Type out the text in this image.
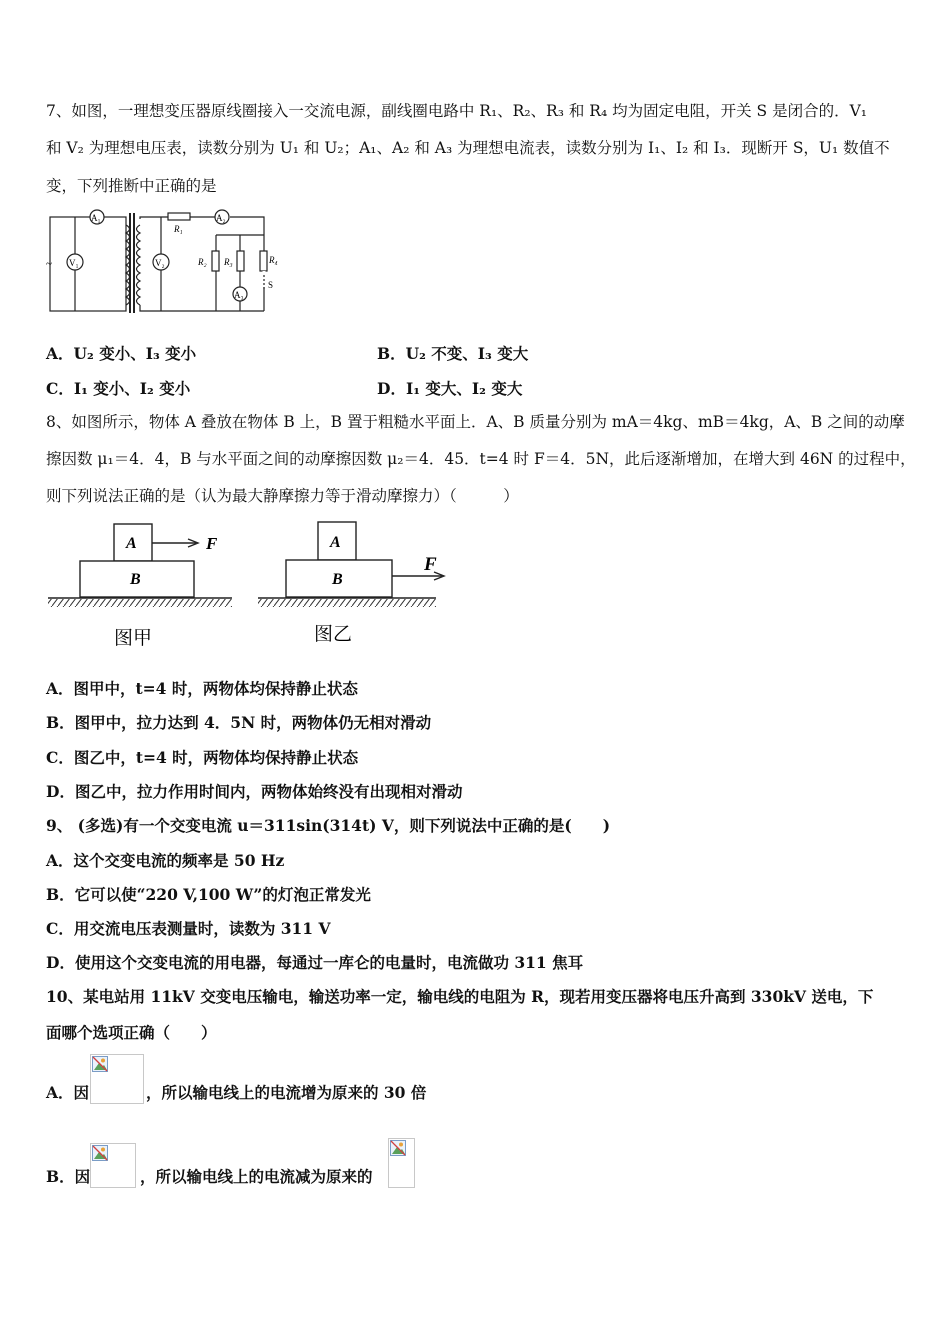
7、如图，一理想变压器原线圈接入一交流电源，副线圈电路中 R₁、R₂、R₃ 和 R₄ 均为固定电阻，开关 S 是闭合的．V₁
和 V₂ 为理想电压表，读数分别为 U₁ 和 U₂；A₁、A₂ 和 A₃ 为理想电流表，读数分别为 I₁、I₂ 和 I₃．现断开 S，U₁ 数值不
变，下列推断中正确的是
A₁
V₁	V₂
A₂
A₃
R₁
R₂ R₃	R₄
S
~
A．U₂ 变小、I₃ 变小	B．U₂ 不变、I₃ 变大
C．I₁ 变小、I₂ 变小	D．I₁ 变大、I₂ 变大
8、如图所示，物体 A 叠放在物体 B 上，B 置于粗糙水平面上．A、B 质量分别为 mA＝4kg、mB＝4kg，A、B 之间的动摩
擦因数 μ₁＝4．4，B 与水平面之间的动摩擦因数 μ₂＝4．45．t=4 时 F＝4．5N，此后逐渐增加，在增大到 46N 的过程中，
则下列说法正确的是（认为最大静摩擦力等于滑动摩擦力）（　　　）
A
B
F
图甲
A
B
F
图乙
A．图甲中，t=4 时，两物体均保持静止状态
B．图甲中，拉力达到 4．5N 时，两物体仍无相对滑动
C．图乙中，t=4 时，两物体均保持静止状态
D．图乙中，拉力作用时间内，两物体始终没有出现相对滑动
9、 (多选)有一个交变电流 u＝311sin(314t) V，则下列说法中正确的是(　　)
A．这个交变电流的频率是 50 Hz
B．它可以使“220 V,100 W”的灯泡正常发光
C．用交流电压表测量时，读数为 311 V
D．使用这个交变电流的用电器，每通过一库仑的电量时，电流做功 311 焦耳
10、某电站用 11kV 交变电压输电，输送功率一定，输电线的电阻为 R，现若用变压器将电压升高到 330kV 送电，下
面哪个选项正确（　　）
A．因	，所以输电线上的电流增为原来的 30 倍
B．因	，所以输电线上的电流减为原来的
